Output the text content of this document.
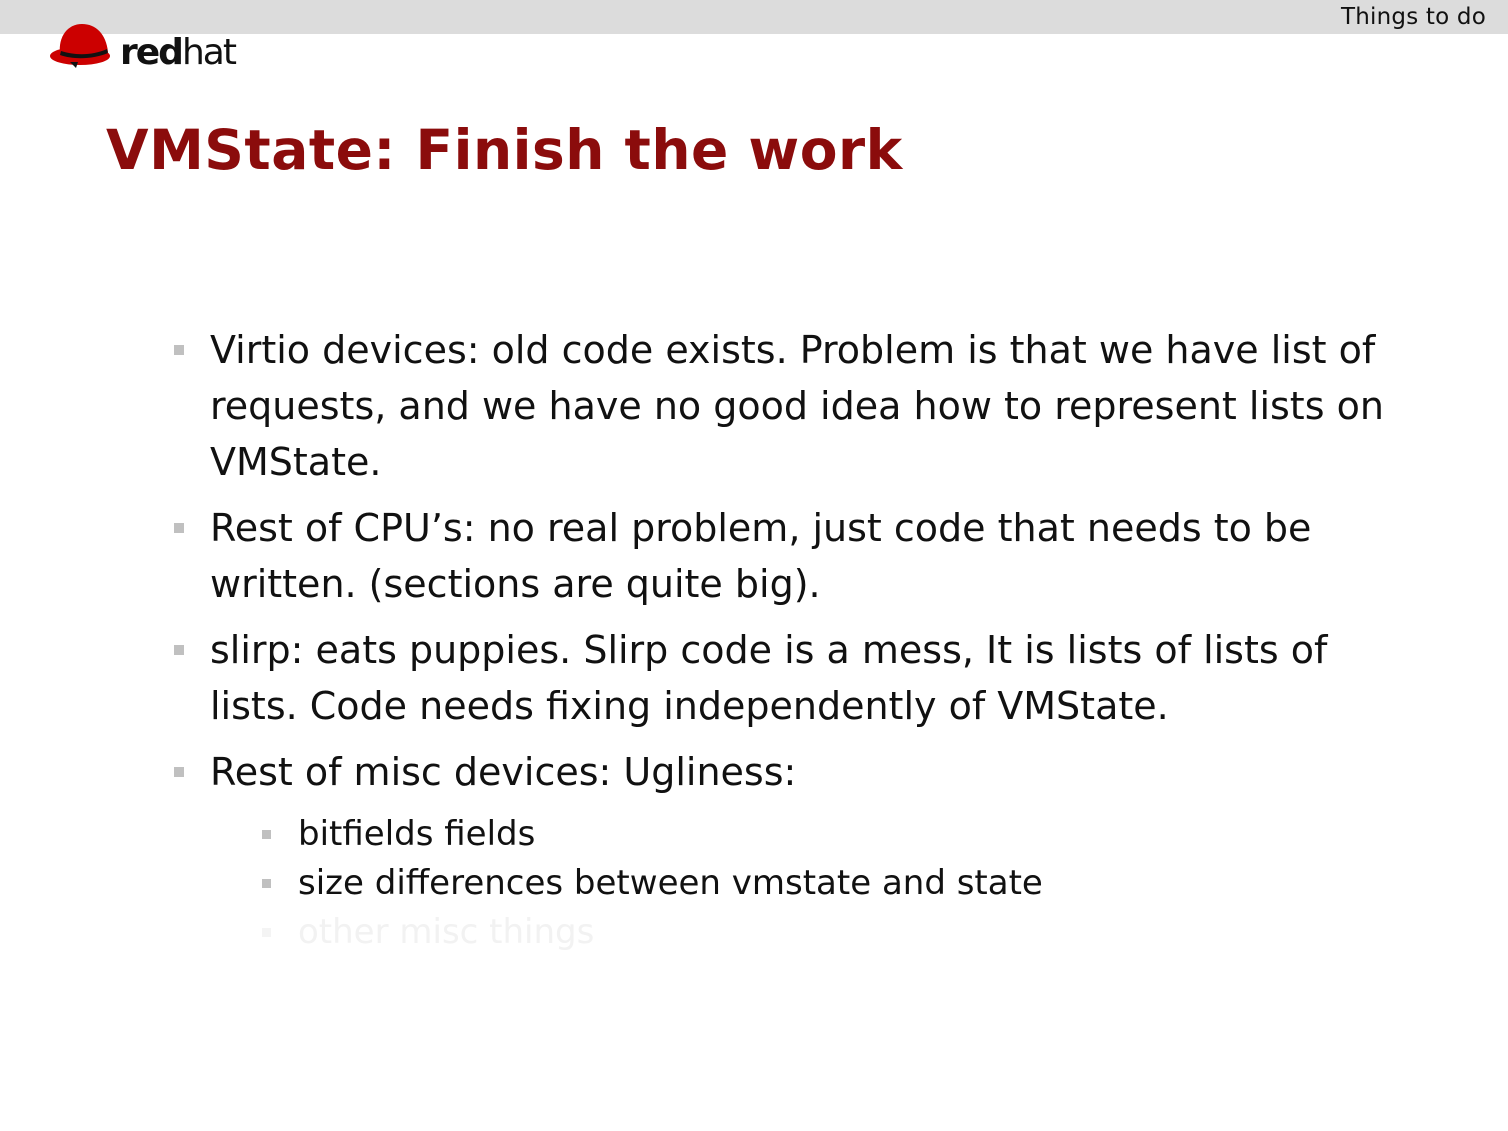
Things to do
redhat
VMState: Finish the work
Virtio devices: old code exists. Problem is that we have list of requests, and we have no good idea how to represent lists on VMState.
Rest of CPU’s: no real problem, just code that needs to be written. (sections are quite big).
slirp: eats puppies. Slirp code is a mess, It is lists of lists of lists. Code needs fixing independently of VMState.
Rest of misc devices: Ugliness:
bitfields fields
size differences between vmstate and state
other misc things
